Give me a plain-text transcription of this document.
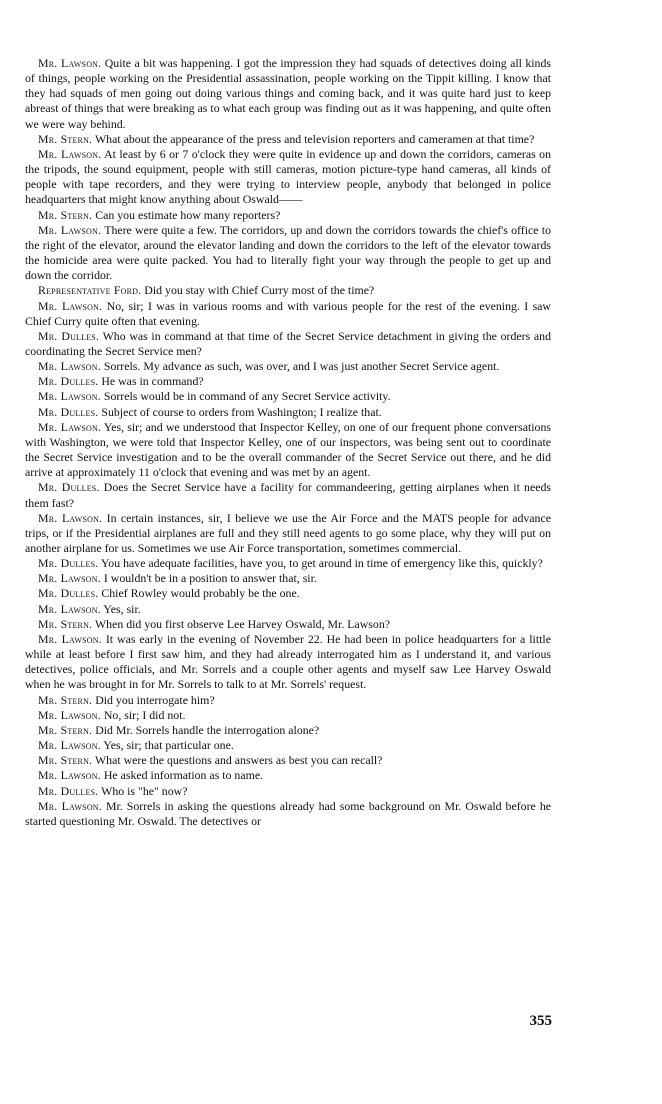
Mr. Lawson. Quite a bit was happening. I got the impression they had squads of detectives doing all kinds of things, people working on the Presidential assassination, people working on the Tippit killing. I know that they had squads of men going out doing various things and coming back, and it was quite hard just to keep abreast of things that were breaking as to what each group was finding out as it was happening, and quite often we were way behind.

Mr. Stern. What about the appearance of the press and television reporters and cameramen at that time?

Mr. Lawson. At least by 6 or 7 o'clock they were quite in evidence up and down the corridors, cameras on the tripods, the sound equipment, people with still cameras, motion picture-type hand cameras, all kinds of people with tape recorders, and they were trying to interview people, anybody that belonged in police headquarters that might know anything about Oswald——

Mr. Stern. Can you estimate how many reporters?

Mr. Lawson. There were quite a few. The corridors, up and down the corridors towards the chief's office to the right of the elevator, around the elevator landing and down the corridors to the left of the elevator towards the homicide area were quite packed. You had to literally fight your way through the people to get up and down the corridor.

Representative Ford. Did you stay with Chief Curry most of the time?

Mr. Lawson. No, sir; I was in various rooms and with various people for the rest of the evening. I saw Chief Curry quite often that evening.

Mr. Dulles. Who was in command at that time of the Secret Service detachment in giving the orders and coordinating the Secret Service men?

Mr. Lawson. Sorrels. My advance as such, was over, and I was just another Secret Service agent.

Mr. Dulles. He was in command?

Mr. Lawson. Sorrels would be in command of any Secret Service activity.

Mr. Dulles. Subject of course to orders from Washington; I realize that.

Mr. Lawson. Yes, sir; and we understood that Inspector Kelley, on one of our frequent phone conversations with Washington, we were told that Inspector Kelley, one of our inspectors, was being sent out to coordinate the Secret Service investigation and to be the overall commander of the Secret Service out there, and he did arrive at approximately 11 o'clock that evening and was met by an agent.

Mr. Dulles. Does the Secret Service have a facility for commandeering, getting airplanes when it needs them fast?

Mr. Lawson. In certain instances, sir, I believe we use the Air Force and the MATS people for advance trips, or if the Presidential airplanes are full and they still need agents to go some place, why they will put on another airplane for us. Sometimes we use Air Force transportation, sometimes commercial.

Mr. Dulles. You have adequate facilities, have you, to get around in time of emergency like this, quickly?

Mr. Lawson. I wouldn't be in a position to answer that, sir.

Mr. Dulles. Chief Rowley would probably be the one.

Mr. Lawson. Yes, sir.

Mr. Stern. When did you first observe Lee Harvey Oswald, Mr. Lawson?

Mr. Lawson. It was early in the evening of November 22. He had been in police headquarters for a little while at least before I first saw him, and they had already interrogated him as I understand it, and various detectives, police officials, and Mr. Sorrels and a couple other agents and myself saw Lee Harvey Oswald when he was brought in for Mr. Sorrels to talk to at Mr. Sorrels' request.

Mr. Stern. Did you interrogate him?

Mr. Lawson. No, sir; I did not.

Mr. Stern. Did Mr. Sorrels handle the interrogation alone?

Mr. Lawson. Yes, sir; that particular one.

Mr. Stern. What were the questions and answers as best you can recall?

Mr. Lawson. He asked information as to name.

Mr. Dulles. Who is "he" now?

Mr. Lawson. Mr. Sorrels in asking the questions already had some background on Mr. Oswald before he started questioning Mr. Oswald. The detectives or

355
